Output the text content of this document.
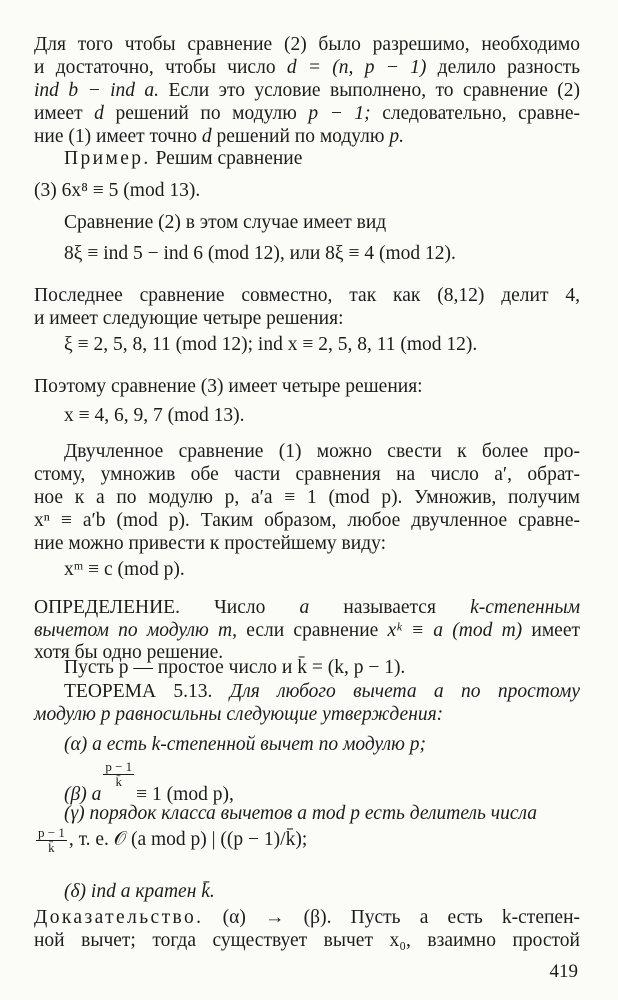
Для того чтобы сравнение (2) было разрешимо, необходимо
и достаточно, чтобы число d = (n, p − 1) делило разность
ind b − ind a. Если это условие выполнено, то сравнение (2)
имеет d решений по модулю p − 1; следовательно, сравне-
ние (1) имеет точно d решений по модулю p.
Пример. Решим сравнение
(3) 6x⁸ ≡ 5 (mod 13).
Сравнение (2) в этом случае имеет вид
8ξ ≡ ind 5 − ind 6 (mod 12), или 8ξ ≡ 4 (mod 12).
Последнее сравнение совместно, так как (8,12) делит 4,
и имеет следующие четыре решения:
ξ ≡ 2, 5, 8, 11 (mod 12); ind x ≡ 2, 5, 8, 11 (mod 12).
Поэтому сравнение (3) имеет четыре решения:
x ≡ 4, 6, 9, 7 (mod 13).
Двучленное сравнение (1) можно свести к более про-
стому, умножив обе части сравнения на число a′, обрат-
ное к a по модулю p, a′a ≡ 1 (mod p). Умножив, получим
xⁿ ≡ a′b (mod p). Таким образом, любое двучленное сравне-
ние можно привести к простейшему виду:
xᵐ ≡ c (mod p).
ОПРЕДЕЛЕНИЕ. Число a называется k-степенным
вычетом по модулю m, если сравнение xᵏ ≡ a (mod m) имеет
хотя бы одно решение.
Пусть p — простое число и k̄ = (k, p − 1).
ТЕОРЕМА 5.13. Для любого вычета a по простому
модулю p равносильны следующие утверждения:
(α) a есть k-степенной вычет по модулю p;
(β) a
$\frac{p - 1}{k̄}$
≡ 1 (mod p),
(γ) порядок класса вычетов a mod p есть делитель числа
$\frac{p - 1}{k̄}$ , т. е. 𝒪 (a mod p) | ((p − 1)/k̄);
(δ) ind a кратен k̄.
Доказательство. (α) → (β). Пусть a есть k-степен-
ной вычет; тогда существует вычет x₀, взаимно простой
419
